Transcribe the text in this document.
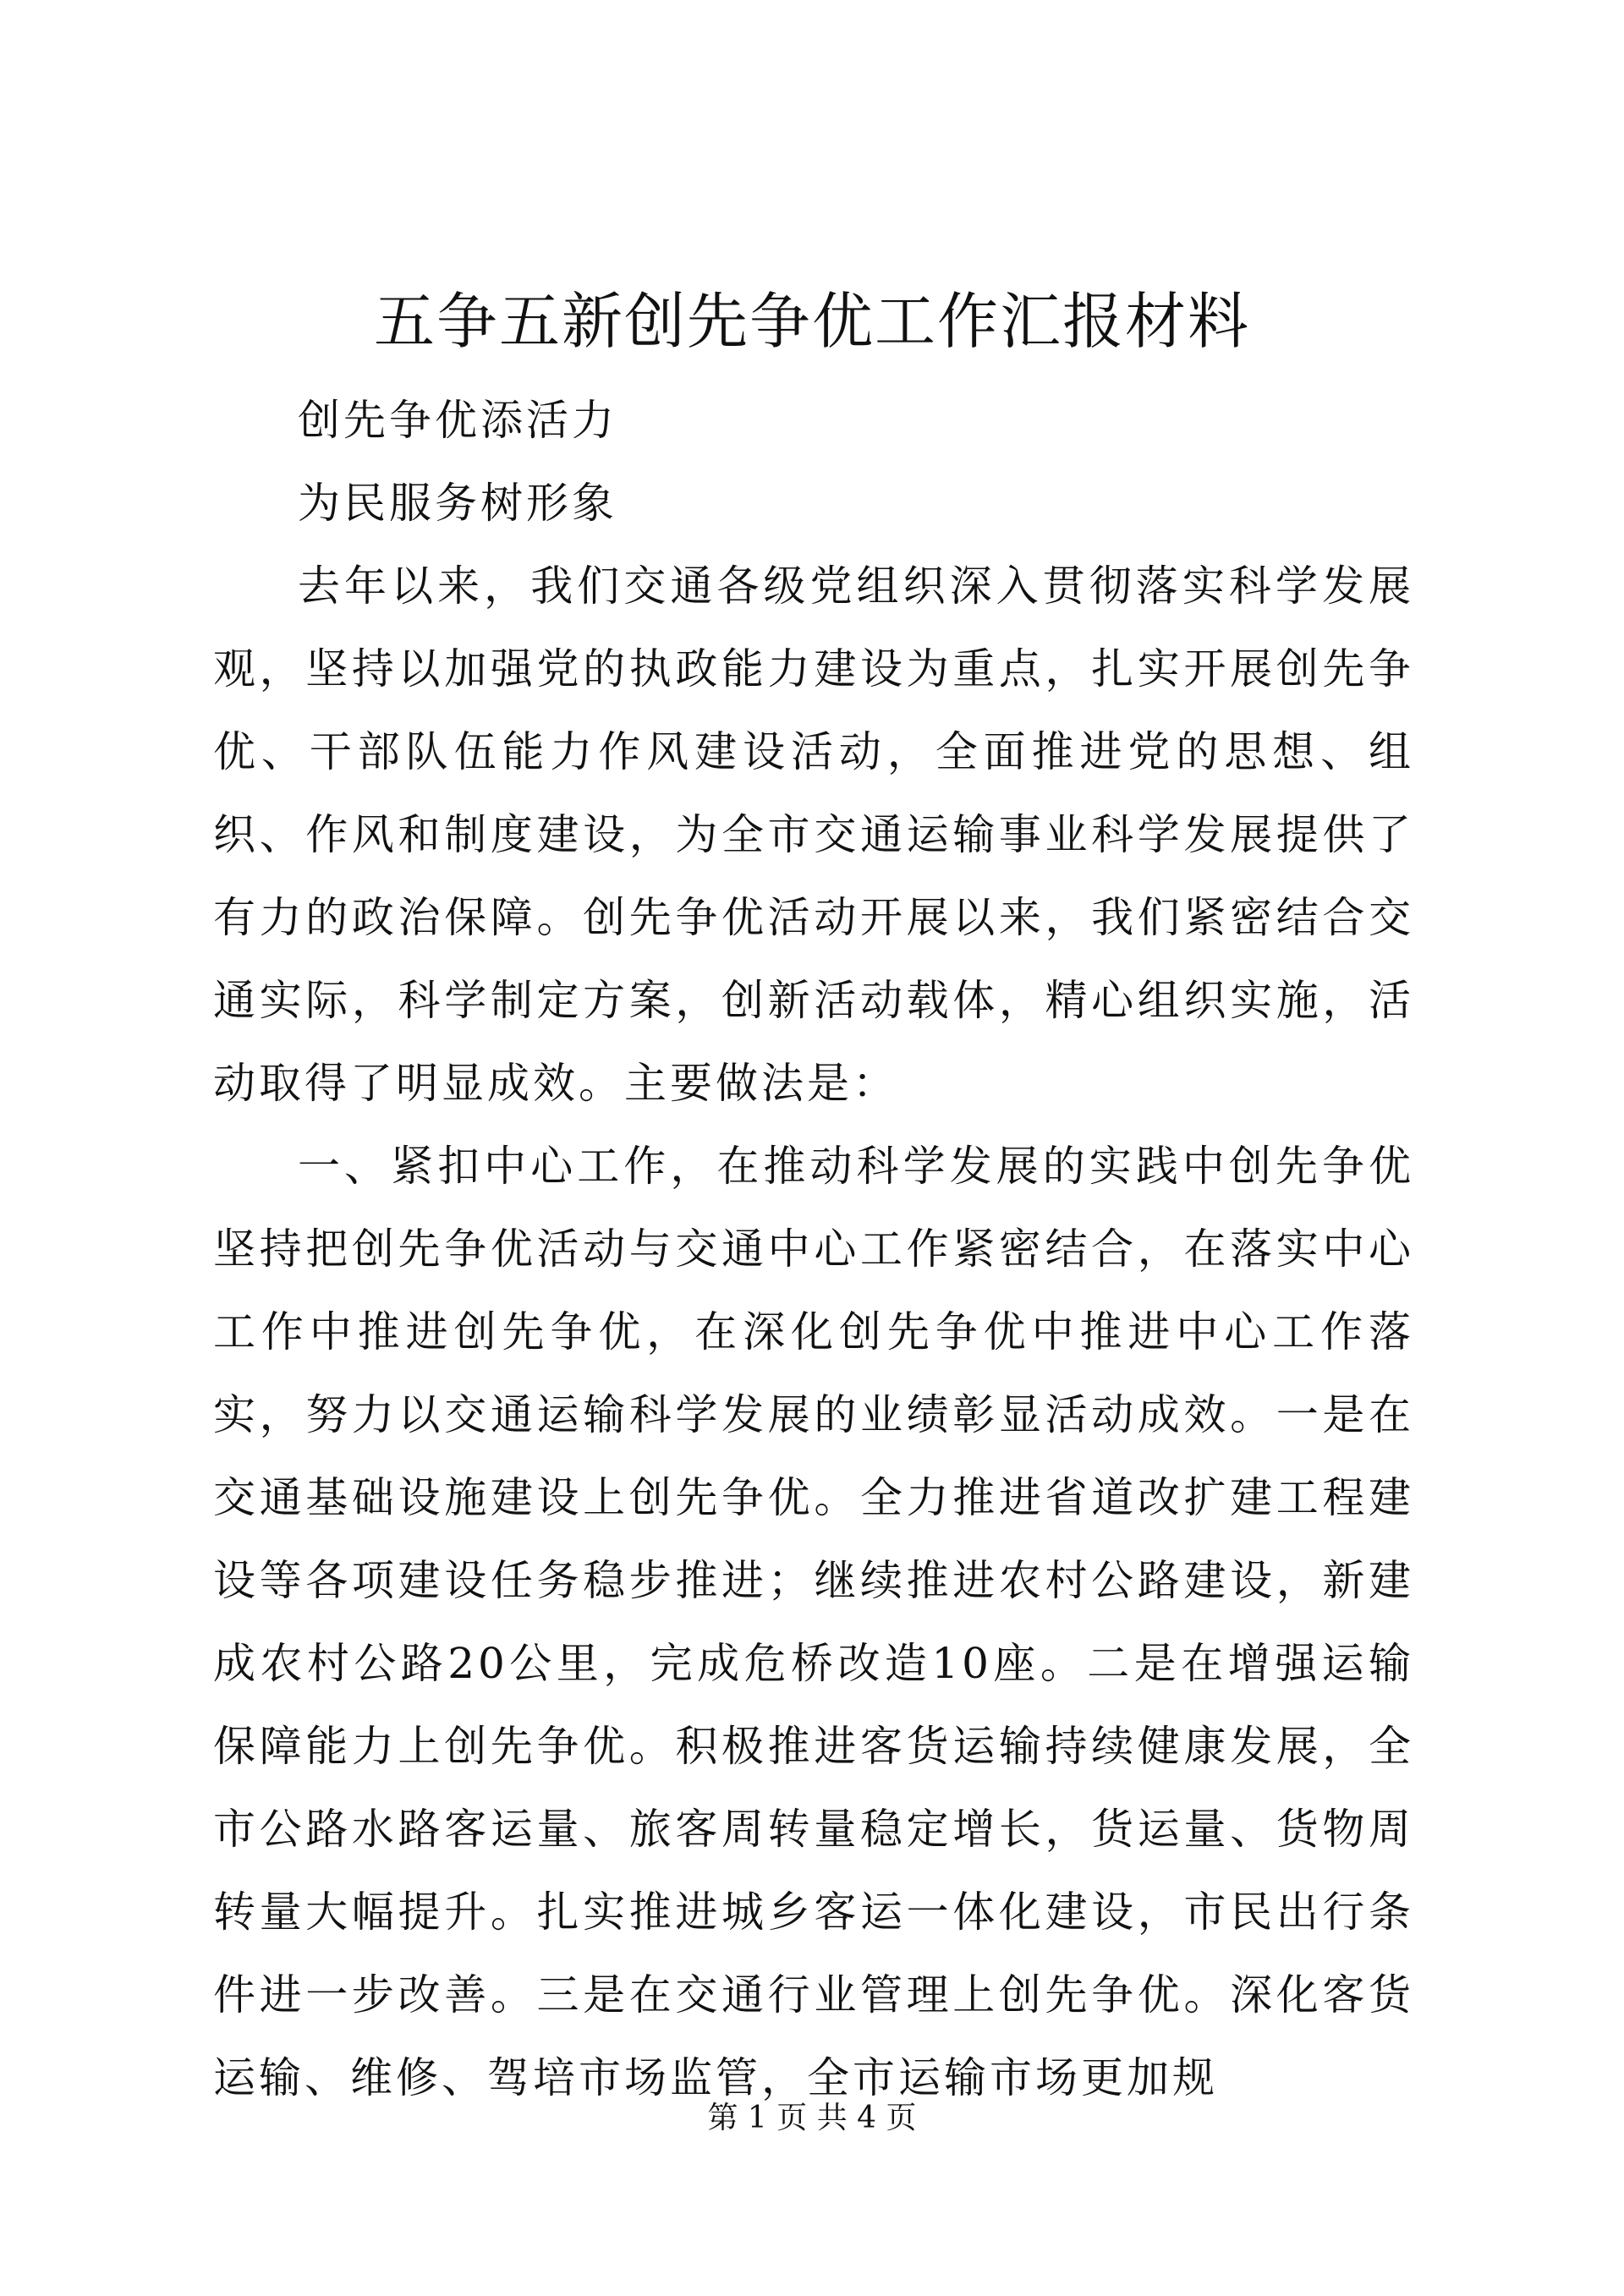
五争五新创先争优工作汇报材料

创先争优添活力

为民服务树形象

去年以来，我们交通各级党组织深入贯彻落实科学发展观，坚持以加强党的执政能力建设为重点，扎实开展创先争优、干部队伍能力作风建设活动，全面推进党的思想、组织、作风和制度建设，为全市交通运输事业科学发展提供了有力的政治保障。创先争优活动开展以来，我们紧密结合交通实际，科学制定方案，创新活动载体，精心组织实施，活动取得了明显成效。主要做法是：

一、紧扣中心工作，在推动科学发展的实践中创先争优坚持把创先争优活动与交通中心工作紧密结合，在落实中心工作中推进创先争优，在深化创先争优中推进中心工作落实，努力以交通运输科学发展的业绩彰显活动成效。一是在交通基础设施建设上创先争优。全力推进省道改扩建工程建设等各项建设任务稳步推进；继续推进农村公路建设，新建成农村公路20公里，完成危桥改造10座。二是在增强运输保障能力上创先争优。积极推进客货运输持续健康发展，全市公路水路客运量、旅客周转量稳定增长，货运量、货物周转量大幅提升。扎实推进城乡客运一体化建设，市民出行条件进一步改善。三是在交通行业管理上创先争优。深化客货运输、维修、驾培市场监管，全市运输市场更加规

第 1 页 共 4 页
